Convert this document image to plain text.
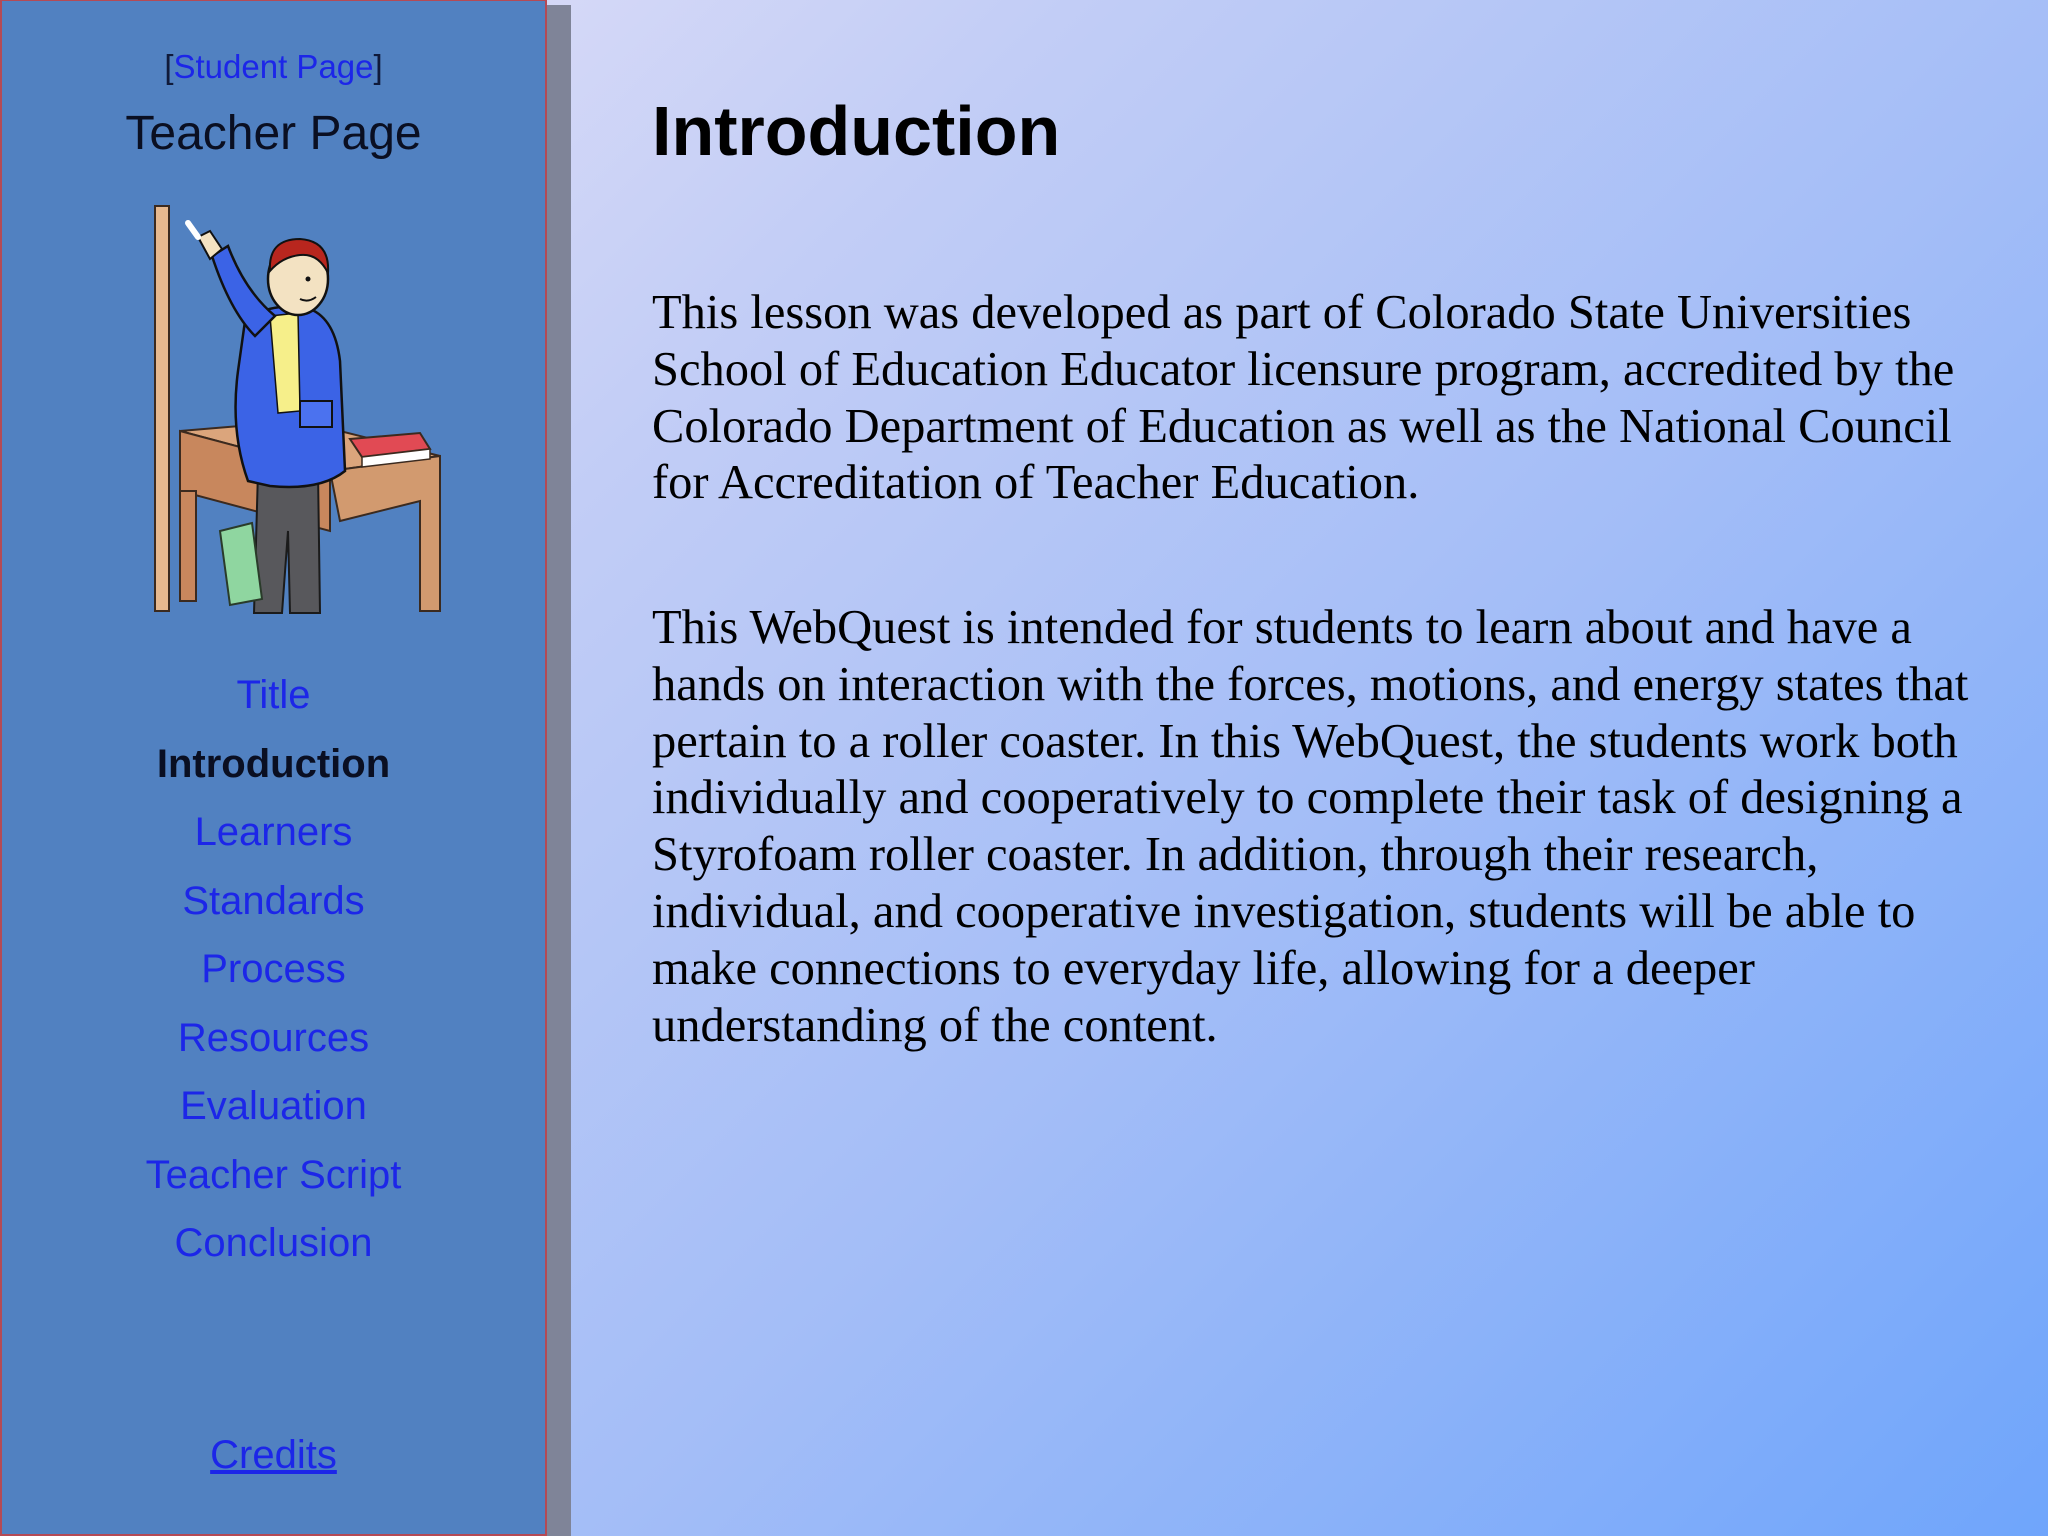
[Student Page]
Teacher Page
Title
Introduction
Learners
Standards
Process
Resources
Evaluation
Teacher Script
Conclusion
Credits
Introduction

This lesson was developed as part of Colorado State Universities School of Education Educator licensure program, accredited by the Colorado Department of Education as well as the National Council for Accreditation of Teacher Education.

This WebQuest is intended for students to learn about and have a hands on interaction with the forces, motions, and energy states that pertain to a roller coaster. In this WebQuest, the students work both individually and cooperatively to complete their task of designing a Styrofoam roller coaster. In addition, through their research, individual, and cooperative investigation, students will be able to make connections to everyday life, allowing for a deeper understanding of the content.
